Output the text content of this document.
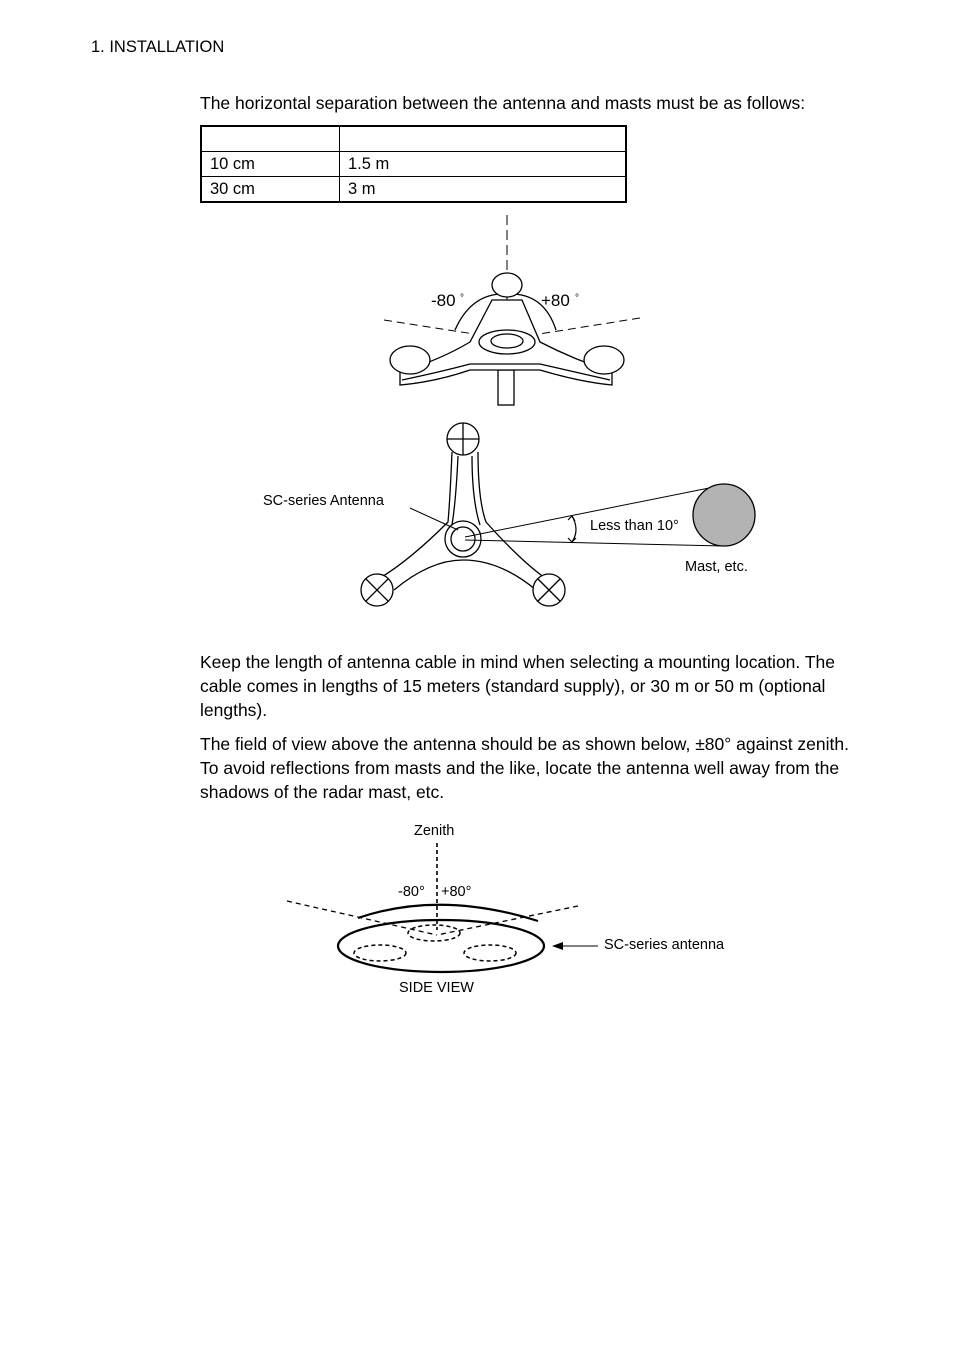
1. INSTALLATION

The horizontal separation between the antenna and masts must be as follows:

10 cm	1.5 m
30 cm	3 m
-80 °	+80 °
SC-series Antenna
Less than 10°
Mast, etc.

Keep the length of antenna cable in mind when selecting a mounting location. The cable comes in lengths of 15 meters (standard supply), or 30 m or 50 m (optional lengths).

The field of view above the antenna should be as shown below, ±80° against zenith. To avoid reflections from masts and the like, locate the antenna well away from the shadows of the radar mast, etc.

Zenith
-80° +80°
SC-series antenna
SIDE VIEW
